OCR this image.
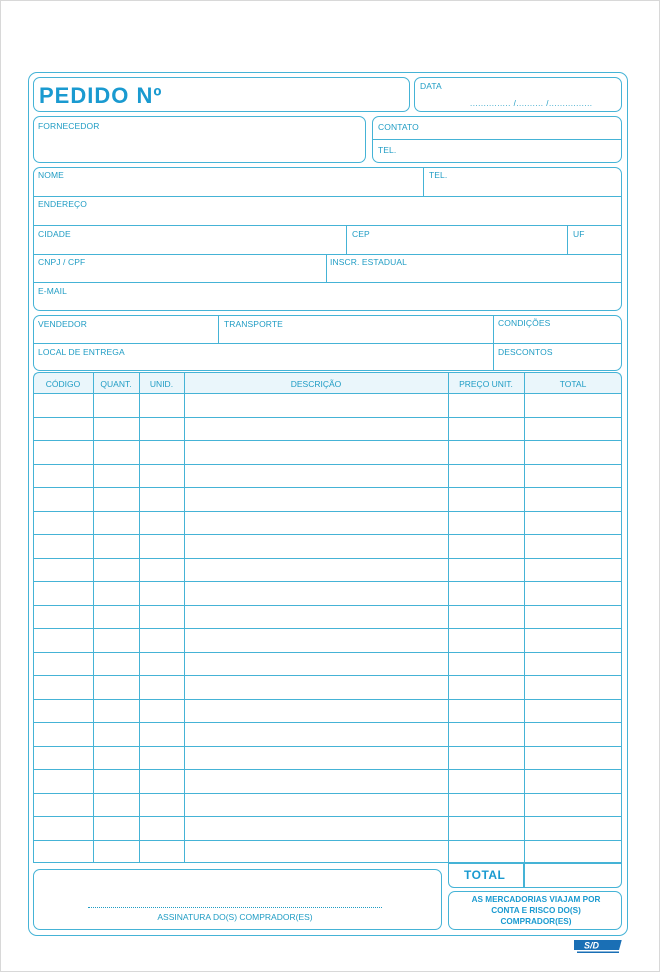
PEDIDO Nº	DATA
............... /.......... /................
FORNECEDOR	CONTATO
TEL.
NOME	TEL.
ENDEREÇO
CIDADE	CEP	UF
CNPJ / CPF	INSCR. ESTADUAL
E-MAIL
VENDEDOR	TRANSPORTE	CONDIÇÕES
LOCAL DE ENTREGA	DESCONTOS
CÓDIGO	QUANT.	UNID.	DESCRIÇÃO	PREÇO UNIT.	TOTAL
TOTAL
ASSINATURA DO(S) COMPRADOR(ES)
AS MERCADORIAS VIAJAM POR CONTA E RISCO DO(S) COMPRADOR(ES)
S/D
